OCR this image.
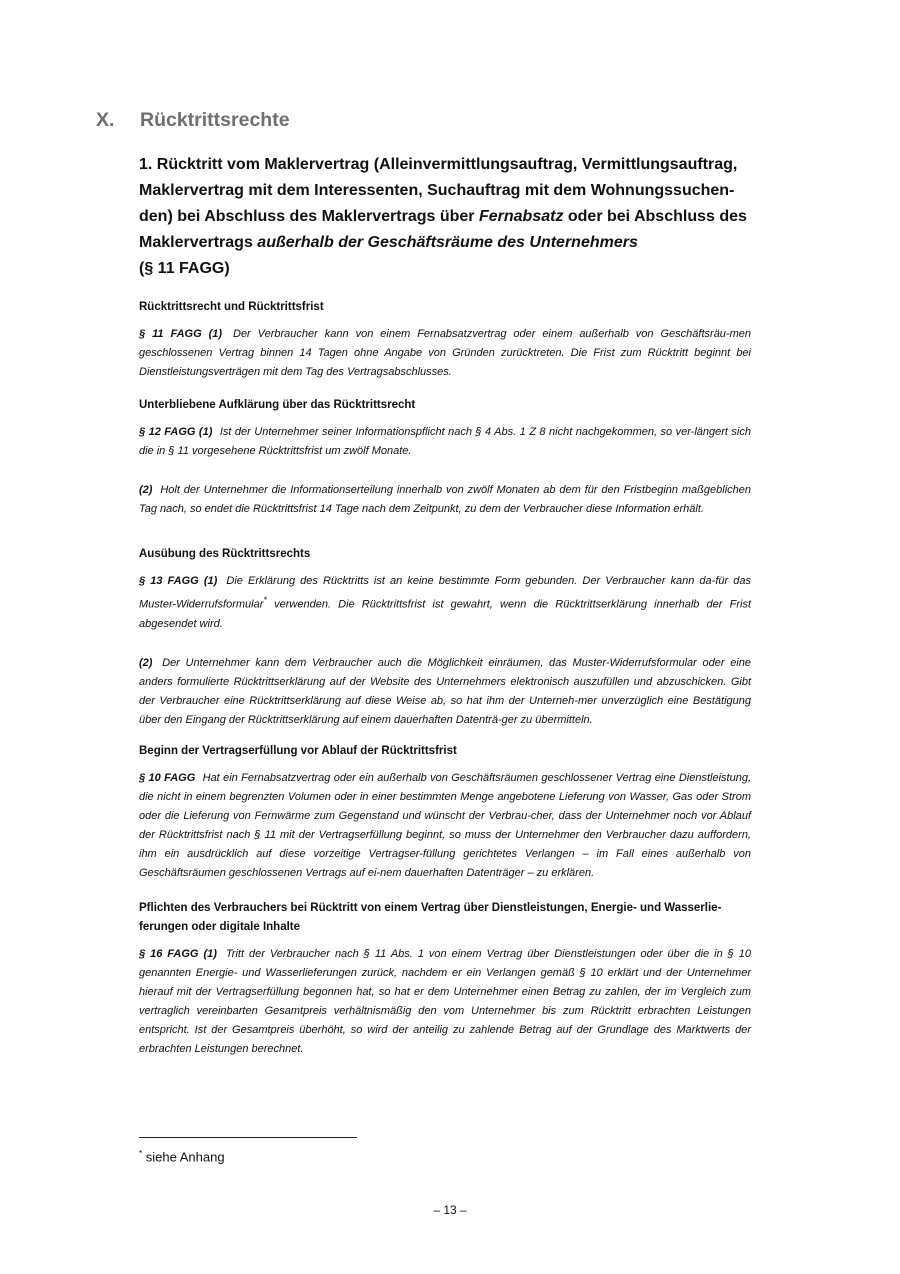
X. Rücktrittsrechte
1. Rücktritt vom Maklervertrag (Alleinvermittlungsauftrag, Vermittlungsauftrag,
Maklervertrag mit dem Interessenten, Suchauftrag mit dem Wohnungssuchen-
den) bei Abschluss des Maklervertrags über Fernabsatz oder bei Abschluss des
Maklervertrags außerhalb der Geschäftsräume des Unternehmers
(§ 11 FAGG)

Rücktrittsrecht und Rücktrittsfrist

§ 11 FAGG (1) Der Verbraucher kann von einem Fernabsatzvertrag oder einem außerhalb von Geschäftsräu-men geschlossenen Vertrag binnen 14 Tagen ohne Angabe von Gründen zurücktreten. Die Frist zum Rücktritt beginnt bei Dienstleistungsverträgen mit dem Tag des Vertragsabschlusses.

Unterbliebene Aufklärung über das Rücktrittsrecht

§ 12 FAGG (1) Ist der Unternehmer seiner Informationspflicht nach § 4 Abs. 1 Z 8 nicht nachgekommen, so ver-längert sich die in § 11 vorgesehene Rücktrittsfrist um zwölf Monate.

(2) Holt der Unternehmer die Informationserteilung innerhalb von zwölf Monaten ab dem für den Fristbeginn maßgeblichen Tag nach, so endet die Rücktrittsfrist 14 Tage nach dem Zeitpunkt, zu dem der Verbraucher diese Information erhält.

Ausübung des Rücktrittsrechts

§ 13 FAGG (1) Die Erklärung des Rücktritts ist an keine bestimmte Form gebunden. Der Verbraucher kann da-für das Muster-Widerrufsformular* verwenden. Die Rücktrittsfrist ist gewahrt, wenn die Rücktrittserklärung innerhalb der Frist abgesendet wird.

(2) Der Unternehmer kann dem Verbraucher auch die Möglichkeit einräumen, das Muster-Widerrufsformular oder eine anders formulierte Rücktrittserklärung auf der Website des Unternehmers elektronisch auszufüllen und abzuschicken. Gibt der Verbraucher eine Rücktrittserklärung auf diese Weise ab, so hat ihm der Unterneh-mer unverzüglich eine Bestätigung über den Eingang der Rücktrittserklärung auf einem dauerhaften Datenträ-ger zu übermitteln.

Beginn der Vertragserfüllung vor Ablauf der Rücktrittsfrist

§ 10 FAGG Hat ein Fernabsatzvertrag oder ein außerhalb von Geschäftsräumen geschlossener Vertrag eine Dienstleistung, die nicht in einem begrenzten Volumen oder in einer bestimmten Menge angebotene Lieferung von Wasser, Gas oder Strom oder die Lieferung von Fernwärme zum Gegenstand und wünscht der Verbrau-cher, dass der Unternehmer noch vor Ablauf der Rücktrittsfrist nach § 11 mit der Vertragserfüllung beginnt, so muss der Unternehmer den Verbraucher dazu auffordern, ihm ein ausdrücklich auf diese vorzeitige Vertragser-füllung gerichtetes Verlangen – im Fall eines außerhalb von Geschäftsräumen geschlossenen Vertrags auf ei-nem dauerhaften Datenträger – zu erklären.

Pflichten des Verbrauchers bei Rücktritt von einem Vertrag über Dienstleistungen, Energie- und Wasserlie-ferungen oder digitale Inhalte

§ 16 FAGG (1) Tritt der Verbraucher nach § 11 Abs. 1 von einem Vertrag über Dienstleistungen oder über die in § 10 genannten Energie- und Wasserlieferungen zurück, nachdem er ein Verlangen gemäß § 10 erklärt und der Unternehmer hierauf mit der Vertragserfüllung begonnen hat, so hat er dem Unternehmer einen Betrag zu zahlen, der im Vergleich zum vertraglich vereinbarten Gesamtpreis verhältnismäßig den vom Unternehmer bis zum Rücktritt erbrachten Leistungen entspricht. Ist der Gesamtpreis überhöht, so wird der anteilig zu zahlende Betrag auf der Grundlage des Marktwerts der erbrachten Leistungen berechnet.

* siehe Anhang
– 13 –
